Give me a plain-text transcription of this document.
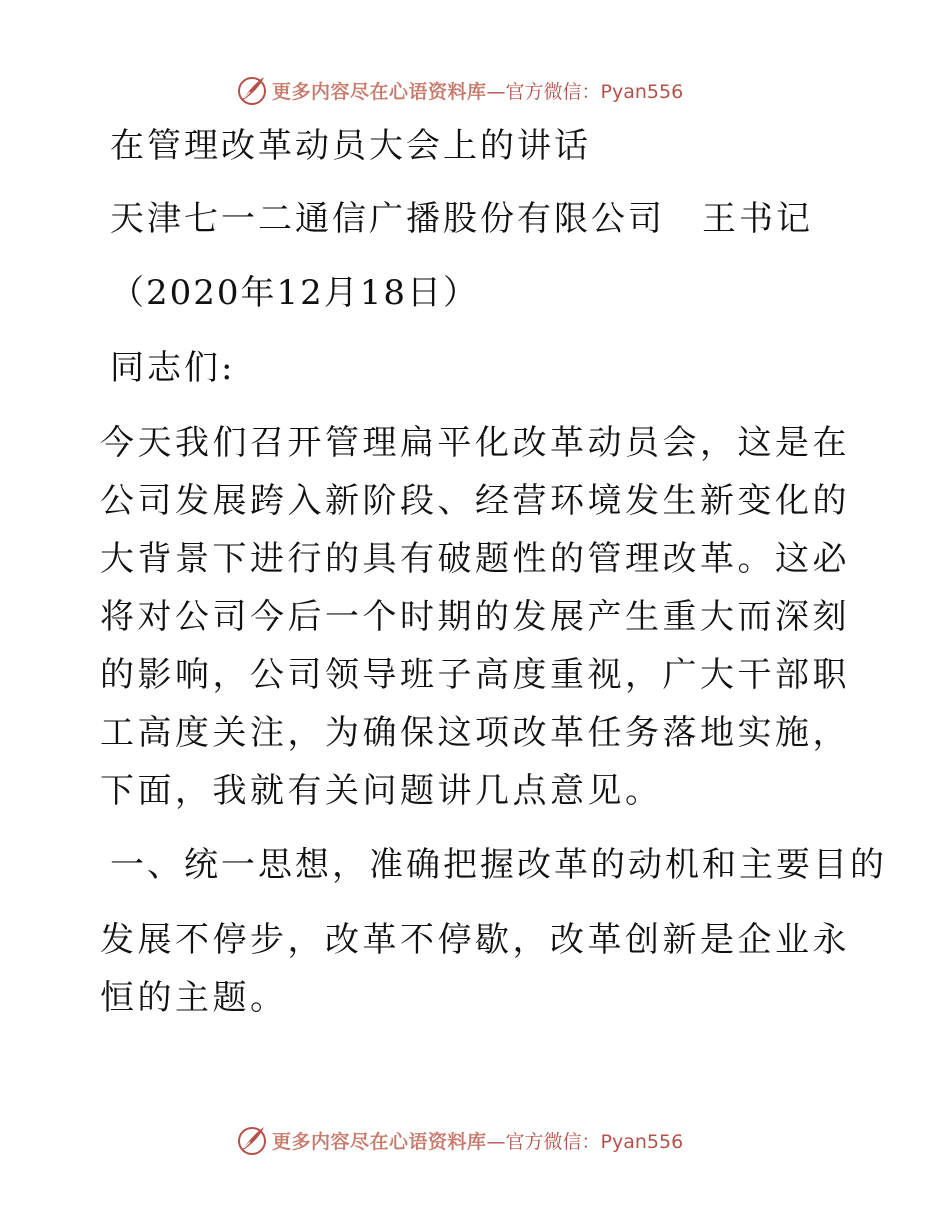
更多内容尽在心语资料库 —官方微信：Pyan556
在管理改革动员大会上的讲话
天津七一二通信广播股份有限公司　王书记
（2020年12月18日）
同志们:
今天我们召开管理扁平化改革动员会，这是在公司发展跨入新阶段、经营环境发生新变化的大背景下进行的具有破题性的管理改革。这必将对公司今后一个时期的发展产生重大而深刻的影响，公司领导班子高度重视，广大干部职工高度关注，为确保这项改革任务落地实施，下面，我就有关问题讲几点意见。
一、统一思想，准确把握改革的动机和主要目的
发展不停步，改革不停歇，改革创新是企业永恒的主题。
更多内容尽在心语资料库 —官方微信：Pyan556
